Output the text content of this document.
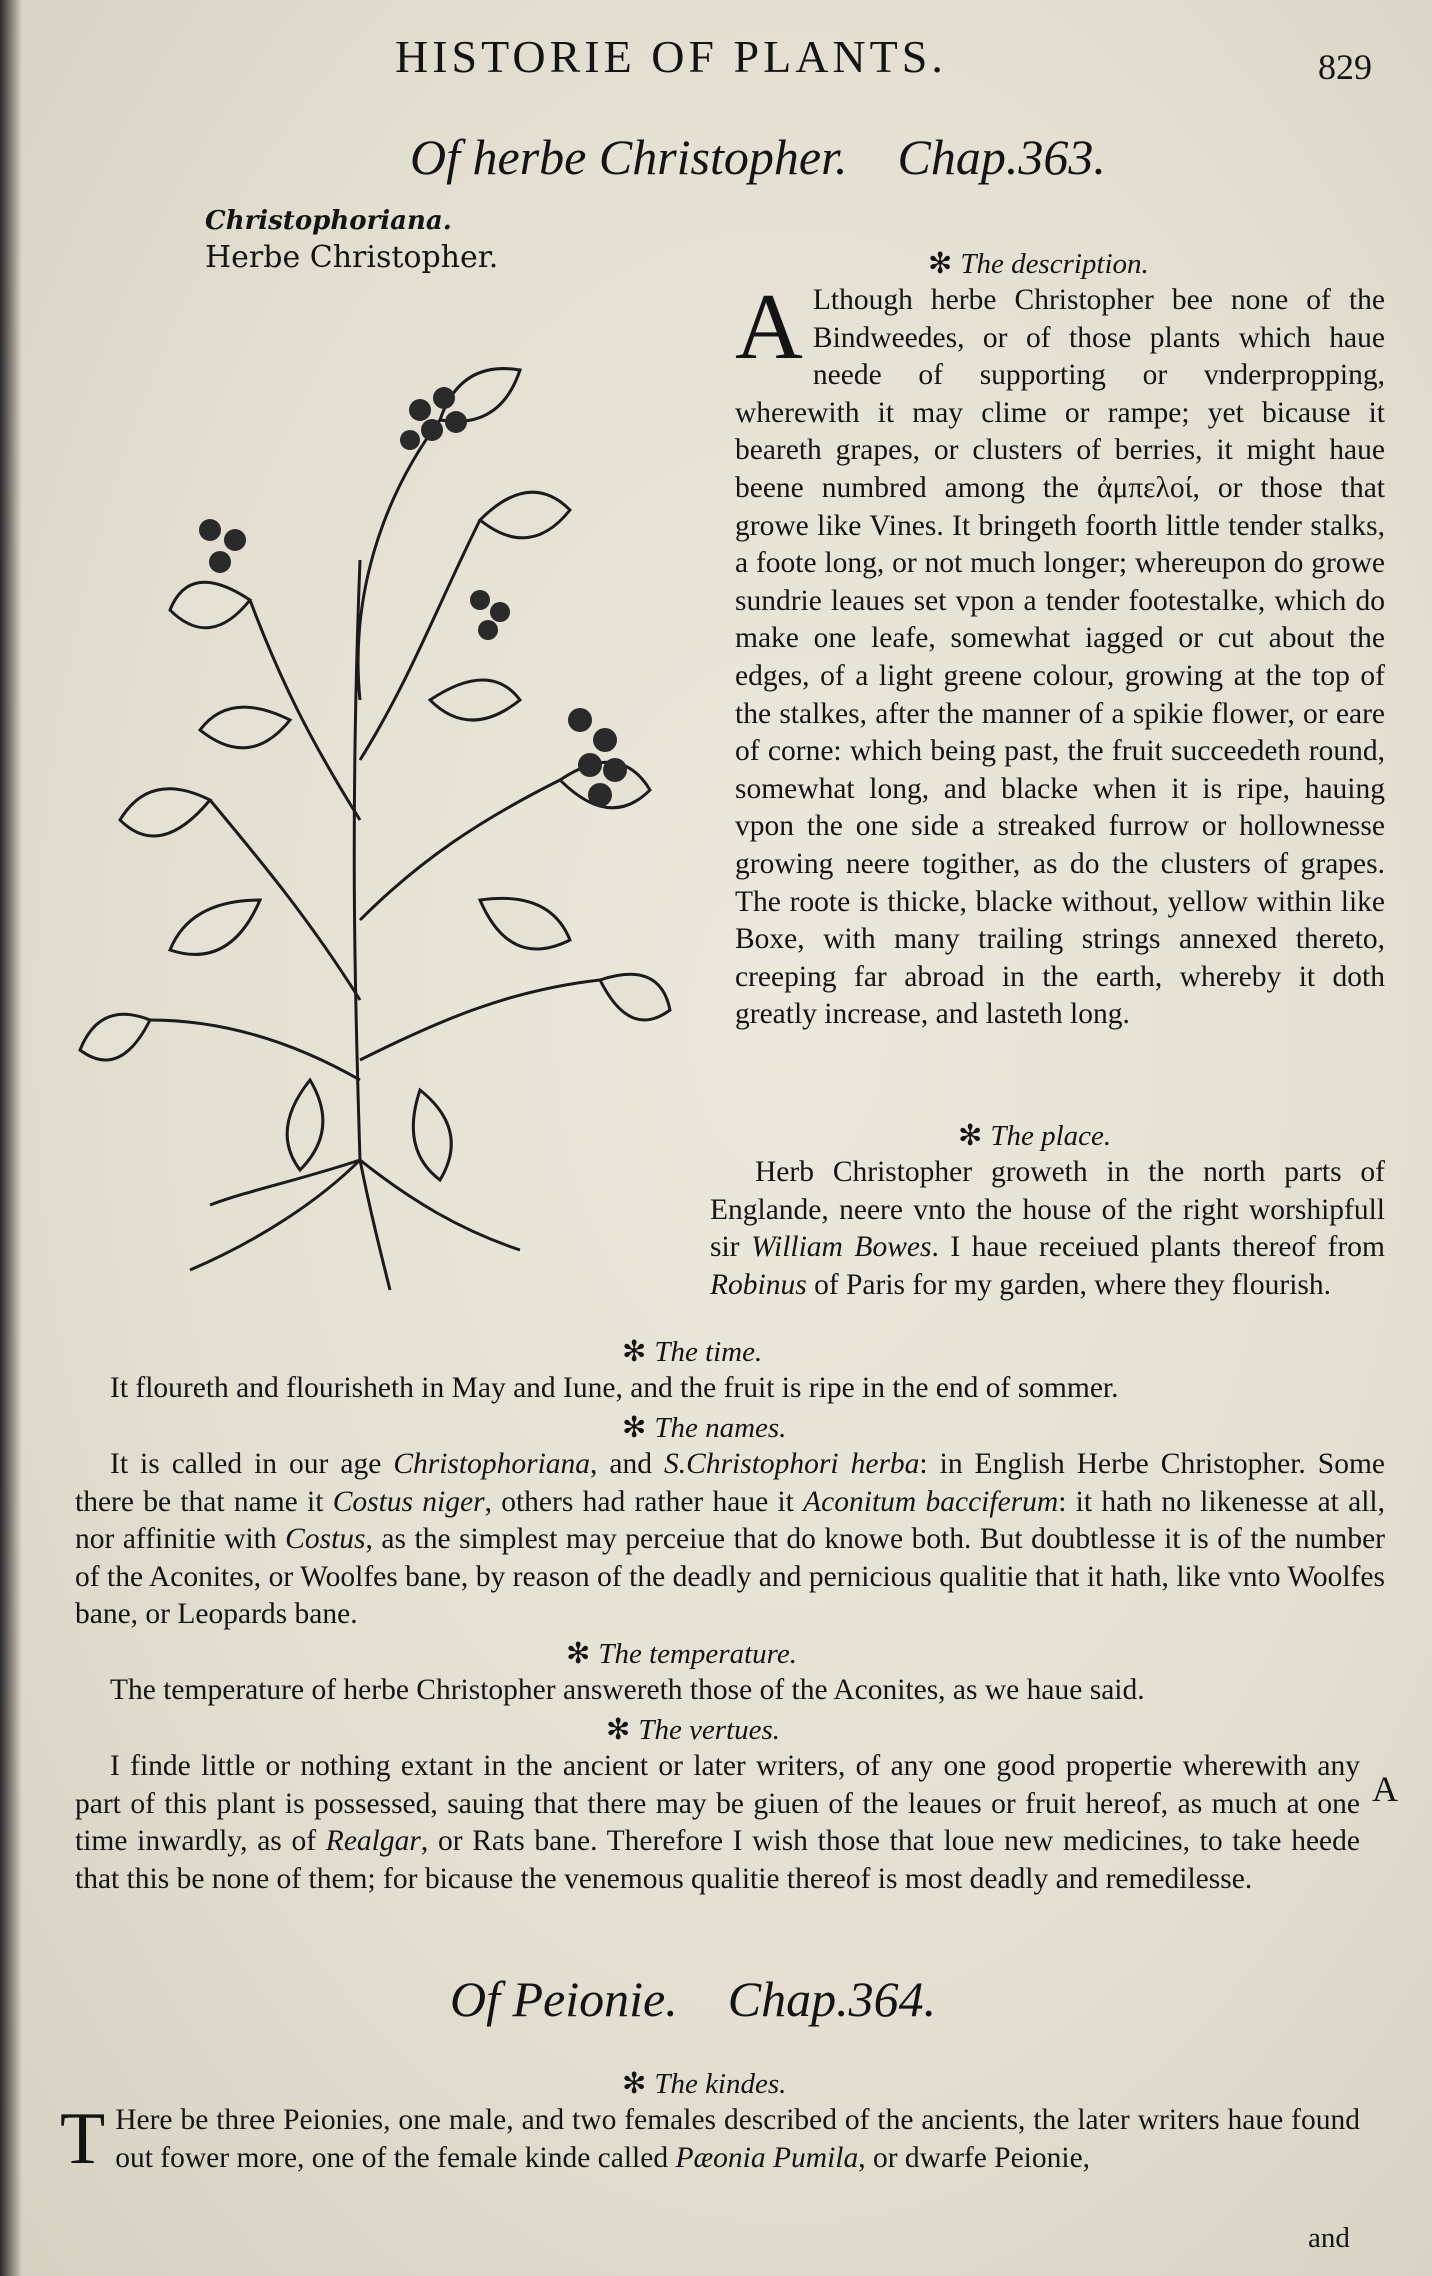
HISTORIE OF PLANTS.	829
Of herbe Christopher. Chap.363.
Christophoriana.
Herbe Christopher.	✻ The description.

A Lthough herbe Christopher bee none of the Bindweedes, or of those plants which haue neede of supporting or vnderpropping, wherewith it may clime or rampe; yet bicause it beareth grapes, or clusters of berries, it might haue beene numbred among the ἀμπελοί, or those that growe like Vines. It bringeth foorth little tender stalks, a foote long, or not much longer; whereupon do growe sundrie leaues set vpon a tender footestalke, which do make one leafe, somewhat iagged or cut about the edges, of a light greene colour, growing at the top of the stalkes, after the manner of a spikie flower, or eare of corne: which being past, the fruit succeedeth round, somewhat long, and blacke when it is ripe, hauing vpon the one side a streaked furrow or hollownesse growing neere togither, as do the clusters of grapes. The roote is thicke, blacke without, yellow within like Boxe, with many trailing strings annexed thereto, creeping far abroad in the earth, whereby it doth greatly increase, and lasteth long.

✻ The place.

Herb Christopher groweth in the north parts of Englande, neere vnto the house of the right worshipfull sir William Bowes. I haue receiued plants thereof from Robinus of Paris for my garden, where they flourish.

✻ The time.

It floureth and flourisheth in May and Iune, and the fruit is ripe in the end of sommer.

✻ The names.

It is called in our age Christophoriana, and S.Christophori herba: in English Herbe Christopher. Some there be that name it Costus niger, others had rather haue it Aconitum bacciferum: it hath no likenesse at all, nor affinitie with Costus, as the simplest may perceiue that do knowe both. But doubtlesse it is of the number of the Aconites, or Woolfes bane, by reason of the deadly and pernicious qualitie that it hath, like vnto Woolfes bane, or Leopards bane.

✻ The temperature.

The temperature of herbe Christopher answereth those of the Aconites, as we haue said.

✻ The vertues.

I finde little or nothing extant in the ancient or later writers, of any one good propertie wherewith any part of this plant is possessed, sauing that there may be giuen of the leaues or fruit hereof, as much at one time inwardly, as of Realgar, or Rats bane. Therefore I wish those that loue new medicines, to take heede that this be none of them; for bicause the venemous qualitie thereof is most deadly and remedilesse.

A
Of Peionie. Chap.364.
✻ The kindes.

T Here be three Peionies, one male, and two females described of the ancients, the later writers haue found out fower more, one of the female kinde called Pæonia Pumila, or dwarfe Peionie,

and
